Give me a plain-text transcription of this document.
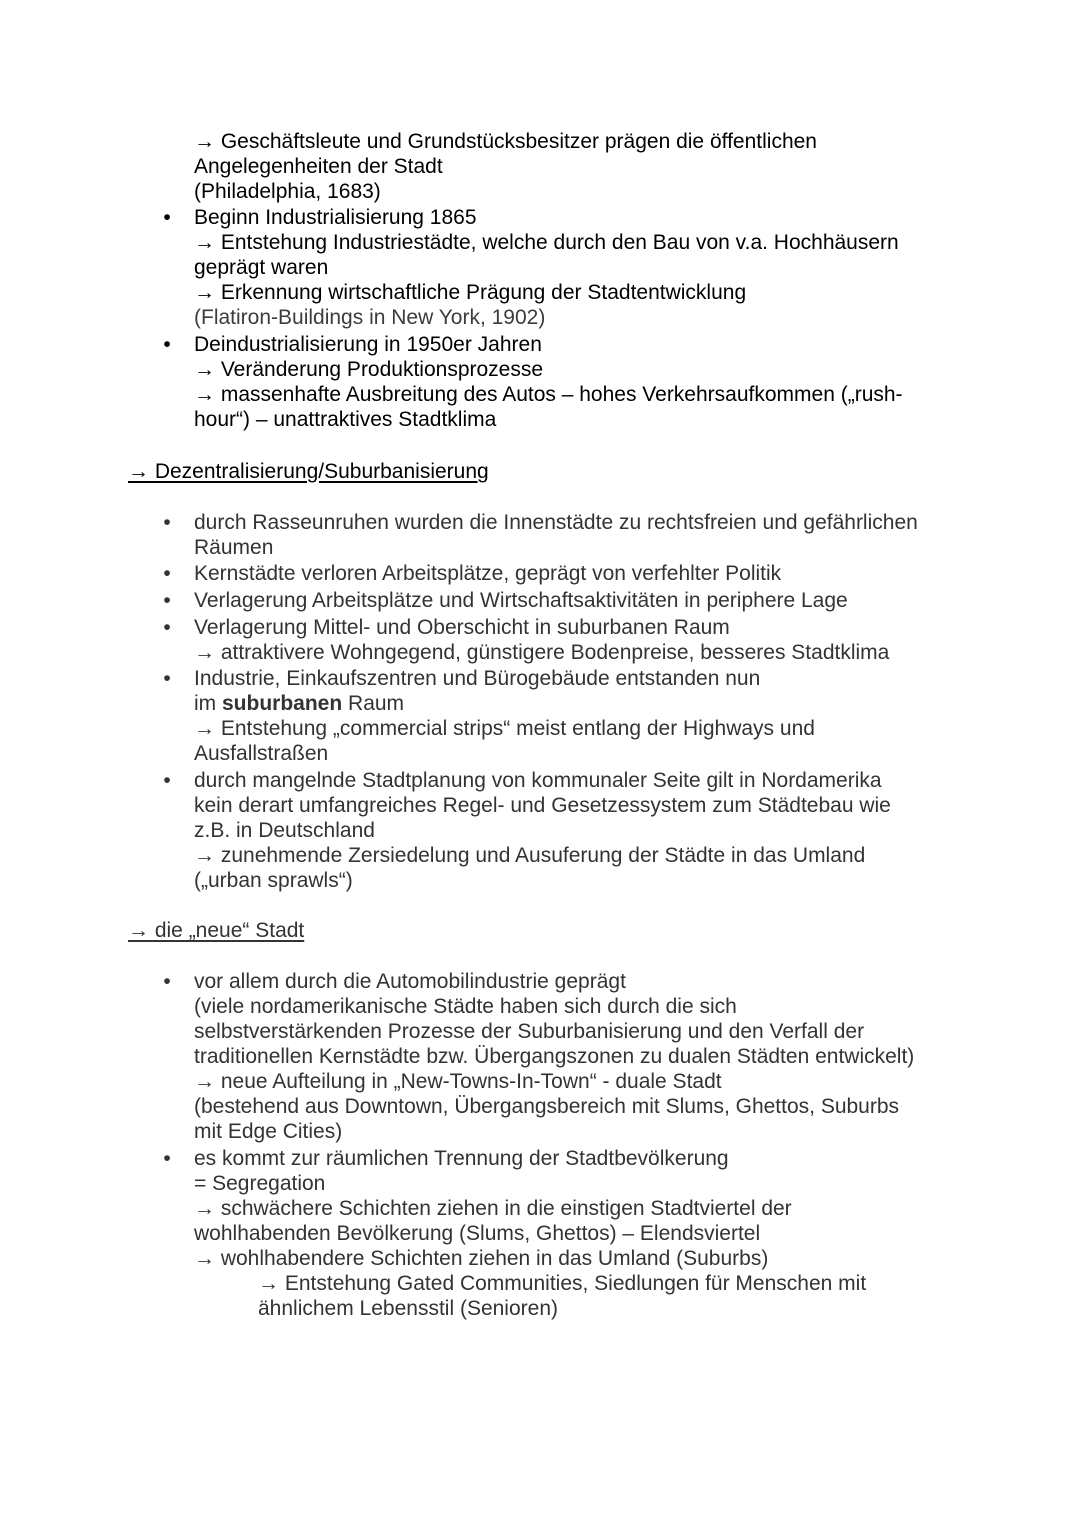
→ Geschäftsleute und Grundstücksbesitzer prägen die öffentlichen
Angelegenheiten der Stadt
(Philadelphia, 1683)
• Beginn Industrialisierung 1865
→ Entstehung Industriestädte, welche durch den Bau von v.a. Hochhäusern
geprägt waren
→ Erkennung wirtschaftliche Prägung der Stadtentwicklung
(Flatiron-Buildings in New York, 1902)
• Deindustrialisierung in 1950er Jahren
→ Veränderung Produktionsprozesse
→ massenhafte Ausbreitung des Autos – hohes Verkehrsaufkommen („rush-
hour“) – unattraktives Stadtklima
→ Dezentralisierung/Suburbanisierung
• durch Rasseunruhen wurden die Innenstädte zu rechtsfreien und gefährlichen
Räumen
• Kernstädte verloren Arbeitsplätze, geprägt von verfehlter Politik
• Verlagerung Arbeitsplätze und Wirtschaftsaktivitäten in periphere Lage
• Verlagerung Mittel- und Oberschicht in suburbanen Raum
→ attraktivere Wohngegend, günstigere Bodenpreise, besseres Stadtklima
• Industrie, Einkaufszentren und Bürogebäude entstanden nun
im suburbanen Raum
→ Entstehung „commercial strips“ meist entlang der Highways und
Ausfallstraßen
• durch mangelnde Stadtplanung von kommunaler Seite gilt in Nordamerika
kein derart umfangreiches Regel- und Gesetzessystem zum Städtebau wie
z.B. in Deutschland
→ zunehmende Zersiedelung und Ausuferung der Städte in das Umland
(„urban sprawls“)
→ die „neue“ Stadt
• vor allem durch die Automobilindustrie geprägt
(viele nordamerikanische Städte haben sich durch die sich
selbstverstärkenden Prozesse der Suburbanisierung und den Verfall der
traditionellen Kernstädte bzw. Übergangszonen zu dualen Städten entwickelt)
→ neue Aufteilung in „New-Towns-In-Town“ - duale Stadt
(bestehend aus Downtown, Übergangsbereich mit Slums, Ghettos, Suburbs
mit Edge Cities)
• es kommt zur räumlichen Trennung der Stadtbevölkerung
= Segregation
→ schwächere Schichten ziehen in die einstigen Stadtviertel der
wohlhabenden Bevölkerung (Slums, Ghettos) – Elendsviertel
→ wohlhabendere Schichten ziehen in das Umland (Suburbs)
→ Entstehung Gated Communities, Siedlungen für Menschen mit
ähnlichem Lebensstil (Senioren)
